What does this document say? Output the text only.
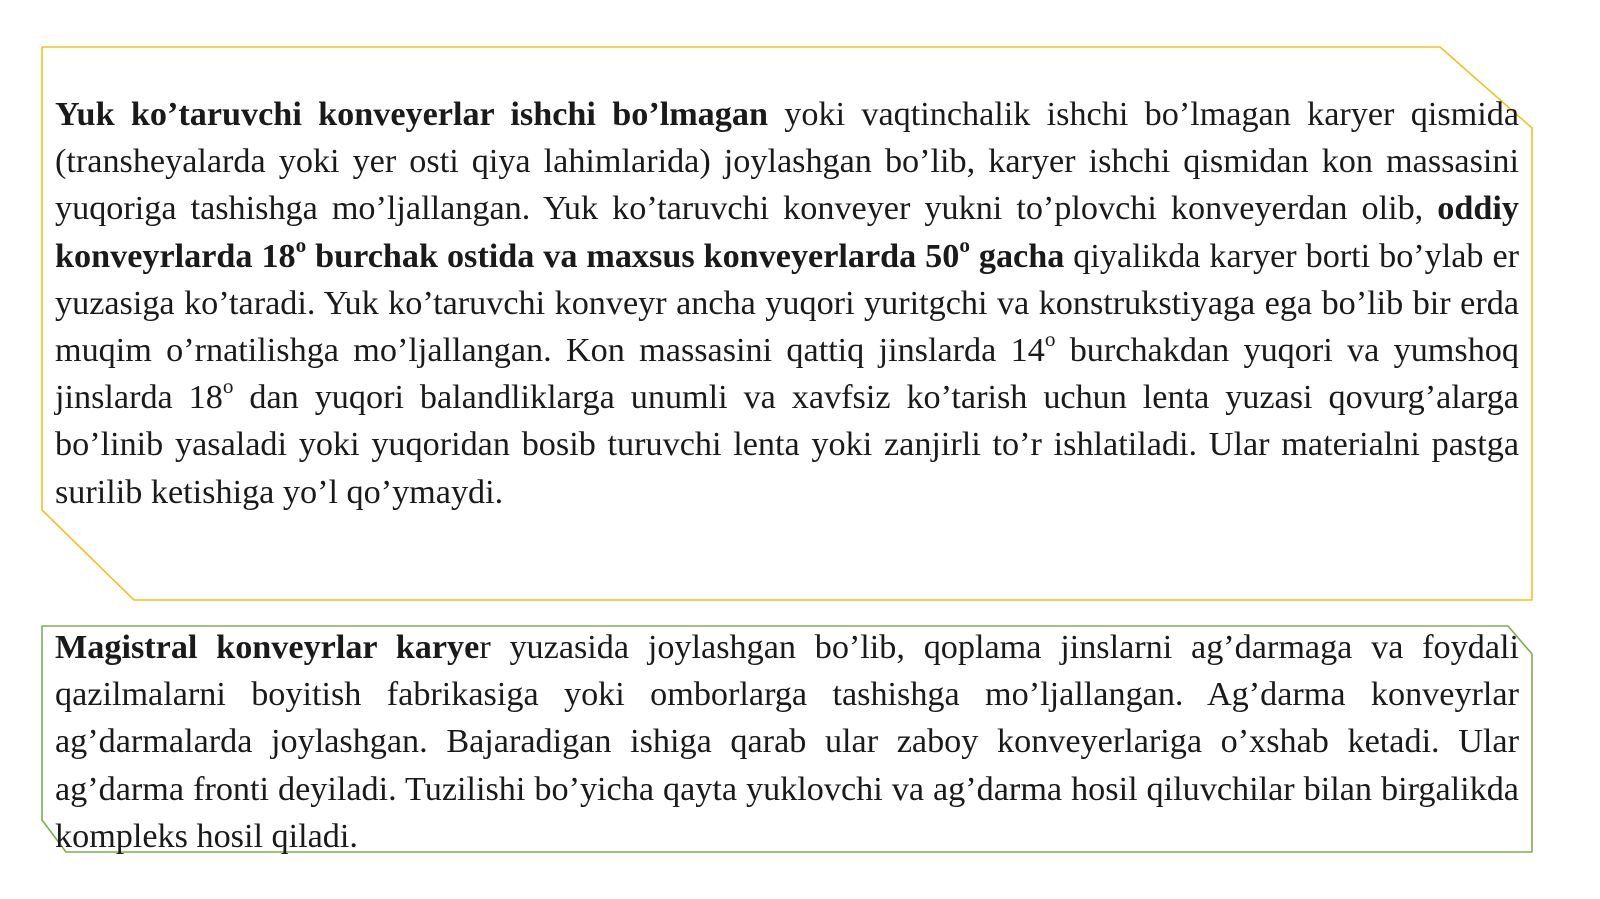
Yuk ko’taruvchi konveyerlar ishchi bo’lmagan yoki vaqtinchalik ishchi bo’lmagan karyer qismida (transheyalarda yoki yer osti qiya lahimlarida) joylashgan bo’lib, karyer ishchi qismidan kon massasini yuqoriga tashishga mo’ljallangan. Yuk ko’taruvchi konveyer yukni to’plovchi konveyerdan olib, oddiy konveyrlarda 18$^o$ burchak ostida va maxsus konveyerlarda 50$^o$ gacha qiyalikda karyer borti bo’ylab er yuzasiga ko’taradi. Yuk ko’taruvchi konveyr ancha yuqori yuritgchi va konstrukstiyaga ega bo’lib bir erda muqim o’rnatilishga mo’ljallangan. Kon massasini qattiq jinslarda 14$^o$ burchakdan yuqori va yumshoq jinslarda 18$^o$ dan yuqori balandliklarga unumli va xavfsiz ko’tarish uchun lenta yuzasi qovurg’alarga bo’linib yasaladi yoki yuqoridan bosib turuvchi lenta yoki zanjirli to’r ishlatiladi. Ular materialni pastga surilib ketishiga yo’l qo’ymaydi.

Magistral konveyrlar karyer yuzasida joylashgan bo’lib, qoplama jinslarni ag’darmaga va foydali qazilmalarni boyitish fabrikasiga yoki omborlarga tashishga mo’ljallangan. Ag’darma konveyrlar ag’darmalarda joylashgan. Bajaradigan ishiga qarab ular zaboy konveyerlariga o’xshab ketadi. Ular ag’darma fronti deyiladi. Tuzilishi bo’yicha qayta yuklovchi va ag’darma hosil qiluvchilar bilan birgalikda kompleks hosil qiladi.
